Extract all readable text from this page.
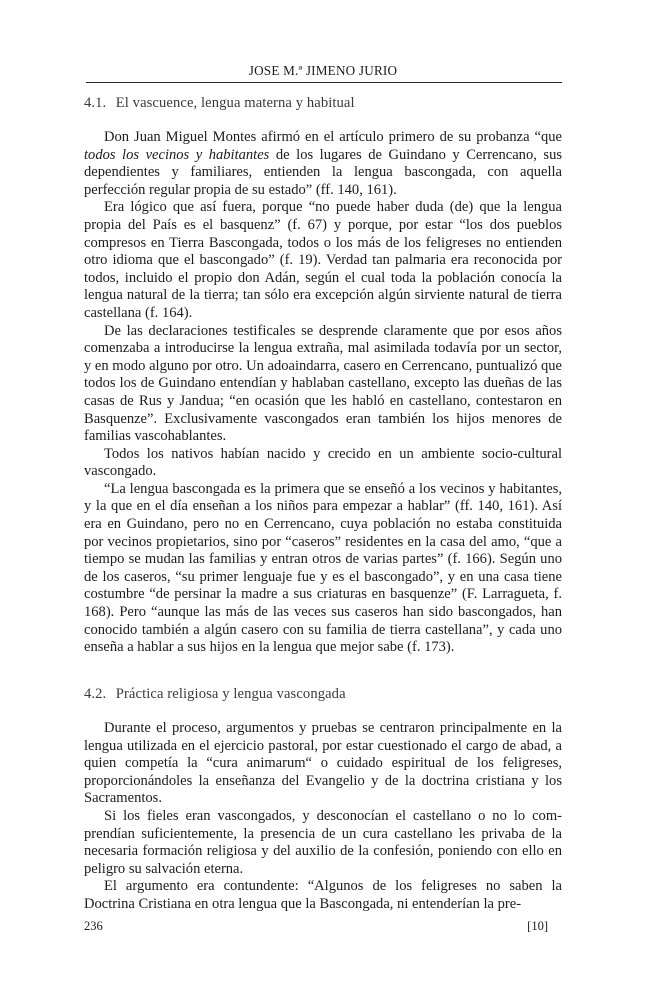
JOSE M.ª JIMENO JURIO
4.1. El vascuence, lengua materna y habitual

Don Juan Miguel Montes afirmó en el artículo primero de su probanza “que todos los vecinos y habitantes de los lugares de Guindano y Cerrencano, sus dependientes y familiares, entienden la lengua bascongada, con aquella perfección regular propia de su estado” (ff. 140, 161).

Era lógico que así fuera, porque “no puede haber duda (de) que la lengua propia del País es el basquenz” (f. 67) y porque, por estar “los dos pueblos compresos en Tierra Bascongada, todos o los más de los feligreses no entienden otro idioma que el bascongado” (f. 19). Verdad tan palmaria era reconocida por todos, incluido el propio don Adán, según el cual toda la población conocía la lengua natural de la tierra; tan sólo era excepción algún sirviente natural de tierra castellana (f. 164).

De las declaraciones testificales se desprende claramente que por esos años comenzaba a introducirse la lengua extraña, mal asimilada todavía por un sector, y en modo alguno por otro. Un adoaindarra, casero en Cerrencano, puntualizó que todos los de Guindano entendían y hablaban castellano, excepto las dueñas de las casas de Rus y Jandua; “en ocasión que les habló en castellano, contestaron en Basquenze”. Exclusivamente vascongados eran también los hijos menores de familias vascohablantes.

Todos los nativos habían nacido y crecido en un ambiente socio-cultural vascongado.

“La lengua bascongada es la primera que se enseñó a los vecinos y habitantes, y la que en el día enseñan a los niños para empezar a hablar” (ff. 140, 161). Así era en Guindano, pero no en Cerrencano, cuya población no estaba constituida por vecinos propietarios, sino por “caseros” residentes en la casa del amo, “que a tiempo se mudan las familias y entran otros de varias partes” (f. 166). Según uno de los caseros, “su primer lenguaje fue y es el bascongado”, y en una casa tiene costumbre “de persinar la madre a sus criaturas en basquenze” (F. Larragueta, f. 168). Pero “aunque las más de las veces sus caseros han sido bascongados, han conocido también a algún casero con su familia de tierra castellana”, y cada uno enseña a hablar a sus hijos en la lengua que mejor sabe (f. 173).

4.2. Práctica religiosa y lengua vascongada

Durante el proceso, argumentos y pruebas se centraron principalmente en la lengua utilizada en el ejercicio pastoral, por estar cuestionado el cargo de abad, a quien competía la “cura animarum“ o cuidado espiritual de los feligreses, proporcionándoles la enseñanza del Evangelio y de la doctrina cristiana y los Sacramentos.

Si los fieles eran vascongados, y desconocían el castellano o no lo comprendían suficientemente, la presencia de un cura castellano les privaba de la necesaria formación religiosa y del auxilio de la confesión, poniendo con ello en peligro su salvación eterna.

El argumento era contundente: “Algunos de los feligreses no saben la Doctrina Cristiana en otra lengua que la Bascongada, ni entenderían la pre-

236	[10]
